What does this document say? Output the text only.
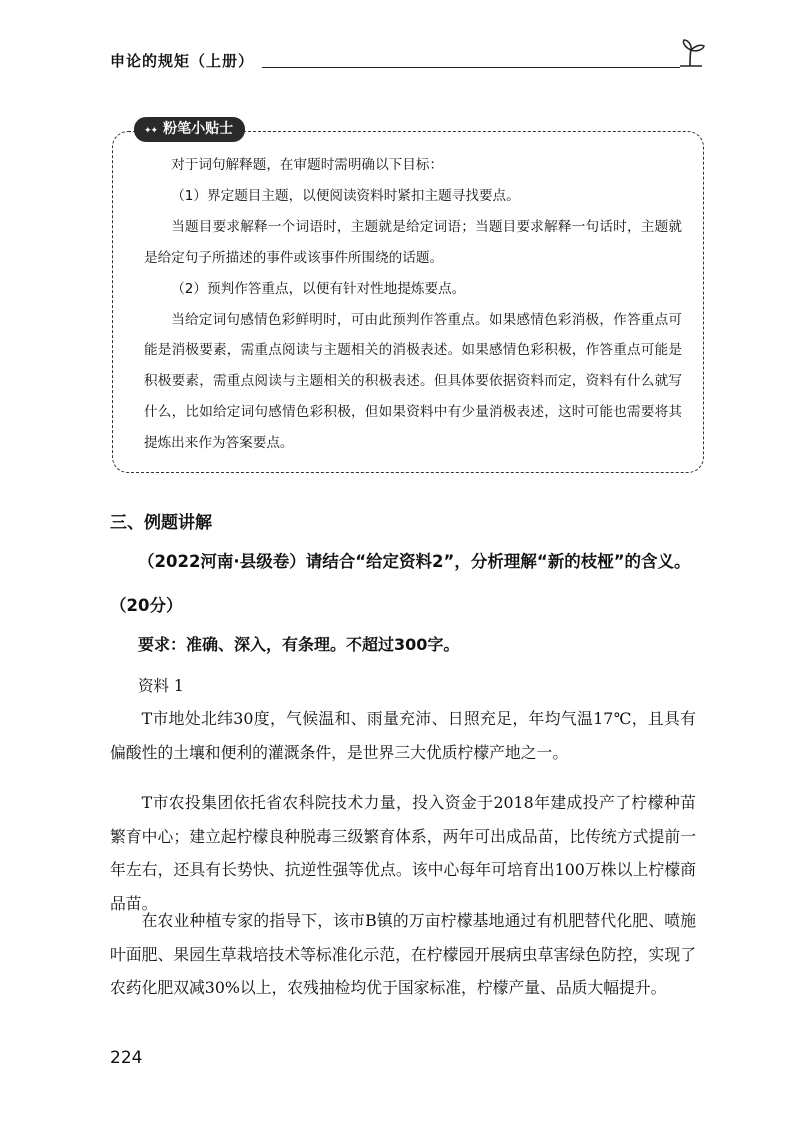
申论的规矩（上册）
✦✦ 粉笔小贴士

对于词句解释题，在审题时需明确以下目标：

（1）界定题目主题，以便阅读资料时紧扣主题寻找要点。

当题目要求解释一个词语时，主题就是给定词语；当题目要求解释一句话时，主题就是给定句子所描述的事件或该事件所围绕的话题。

（2）预判作答重点，以便有针对性地提炼要点。

当给定词句感情色彩鲜明时，可由此预判作答重点。如果感情色彩消极，作答重点可能是消极要素，需重点阅读与主题相关的消极表述。如果感情色彩积极，作答重点可能是积极要素，需重点阅读与主题相关的积极表述。但具体要依据资料而定，资料有什么就写什么，比如给定词句感情色彩积极，但如果资料中有少量消极表述，这时可能也需要将其提炼出来作为答案要点。

三、例题讲解
（2022河南·县级卷）请结合“给定资料2”，分析理解“新的枝桠”的含义。
（20分）
要求：准确、深入，有条理。不超过300字。
资料 1

T市地处北纬30度，气候温和、雨量充沛、日照充足，年均气温17℃，且具有偏酸性的土壤和便利的灌溉条件，是世界三大优质柠檬产地之一。

T市农投集团依托省农科院技术力量，投入资金于2018年建成投产了柠檬种苗繁育中心；建立起柠檬良种脱毒三级繁育体系，两年可出成品苗，比传统方式提前一年左右，还具有长势快、抗逆性强等优点。该中心每年可培育出100万株以上柠檬商品苗。

在农业种植专家的指导下，该市B镇的万亩柠檬基地通过有机肥替代化肥、喷施叶面肥、果园生草栽培技术等标准化示范，在柠檬园开展病虫草害绿色防控，实现了农药化肥双减30%以上，农残抽检均优于国家标准，柠檬产量、品质大幅提升。

224
